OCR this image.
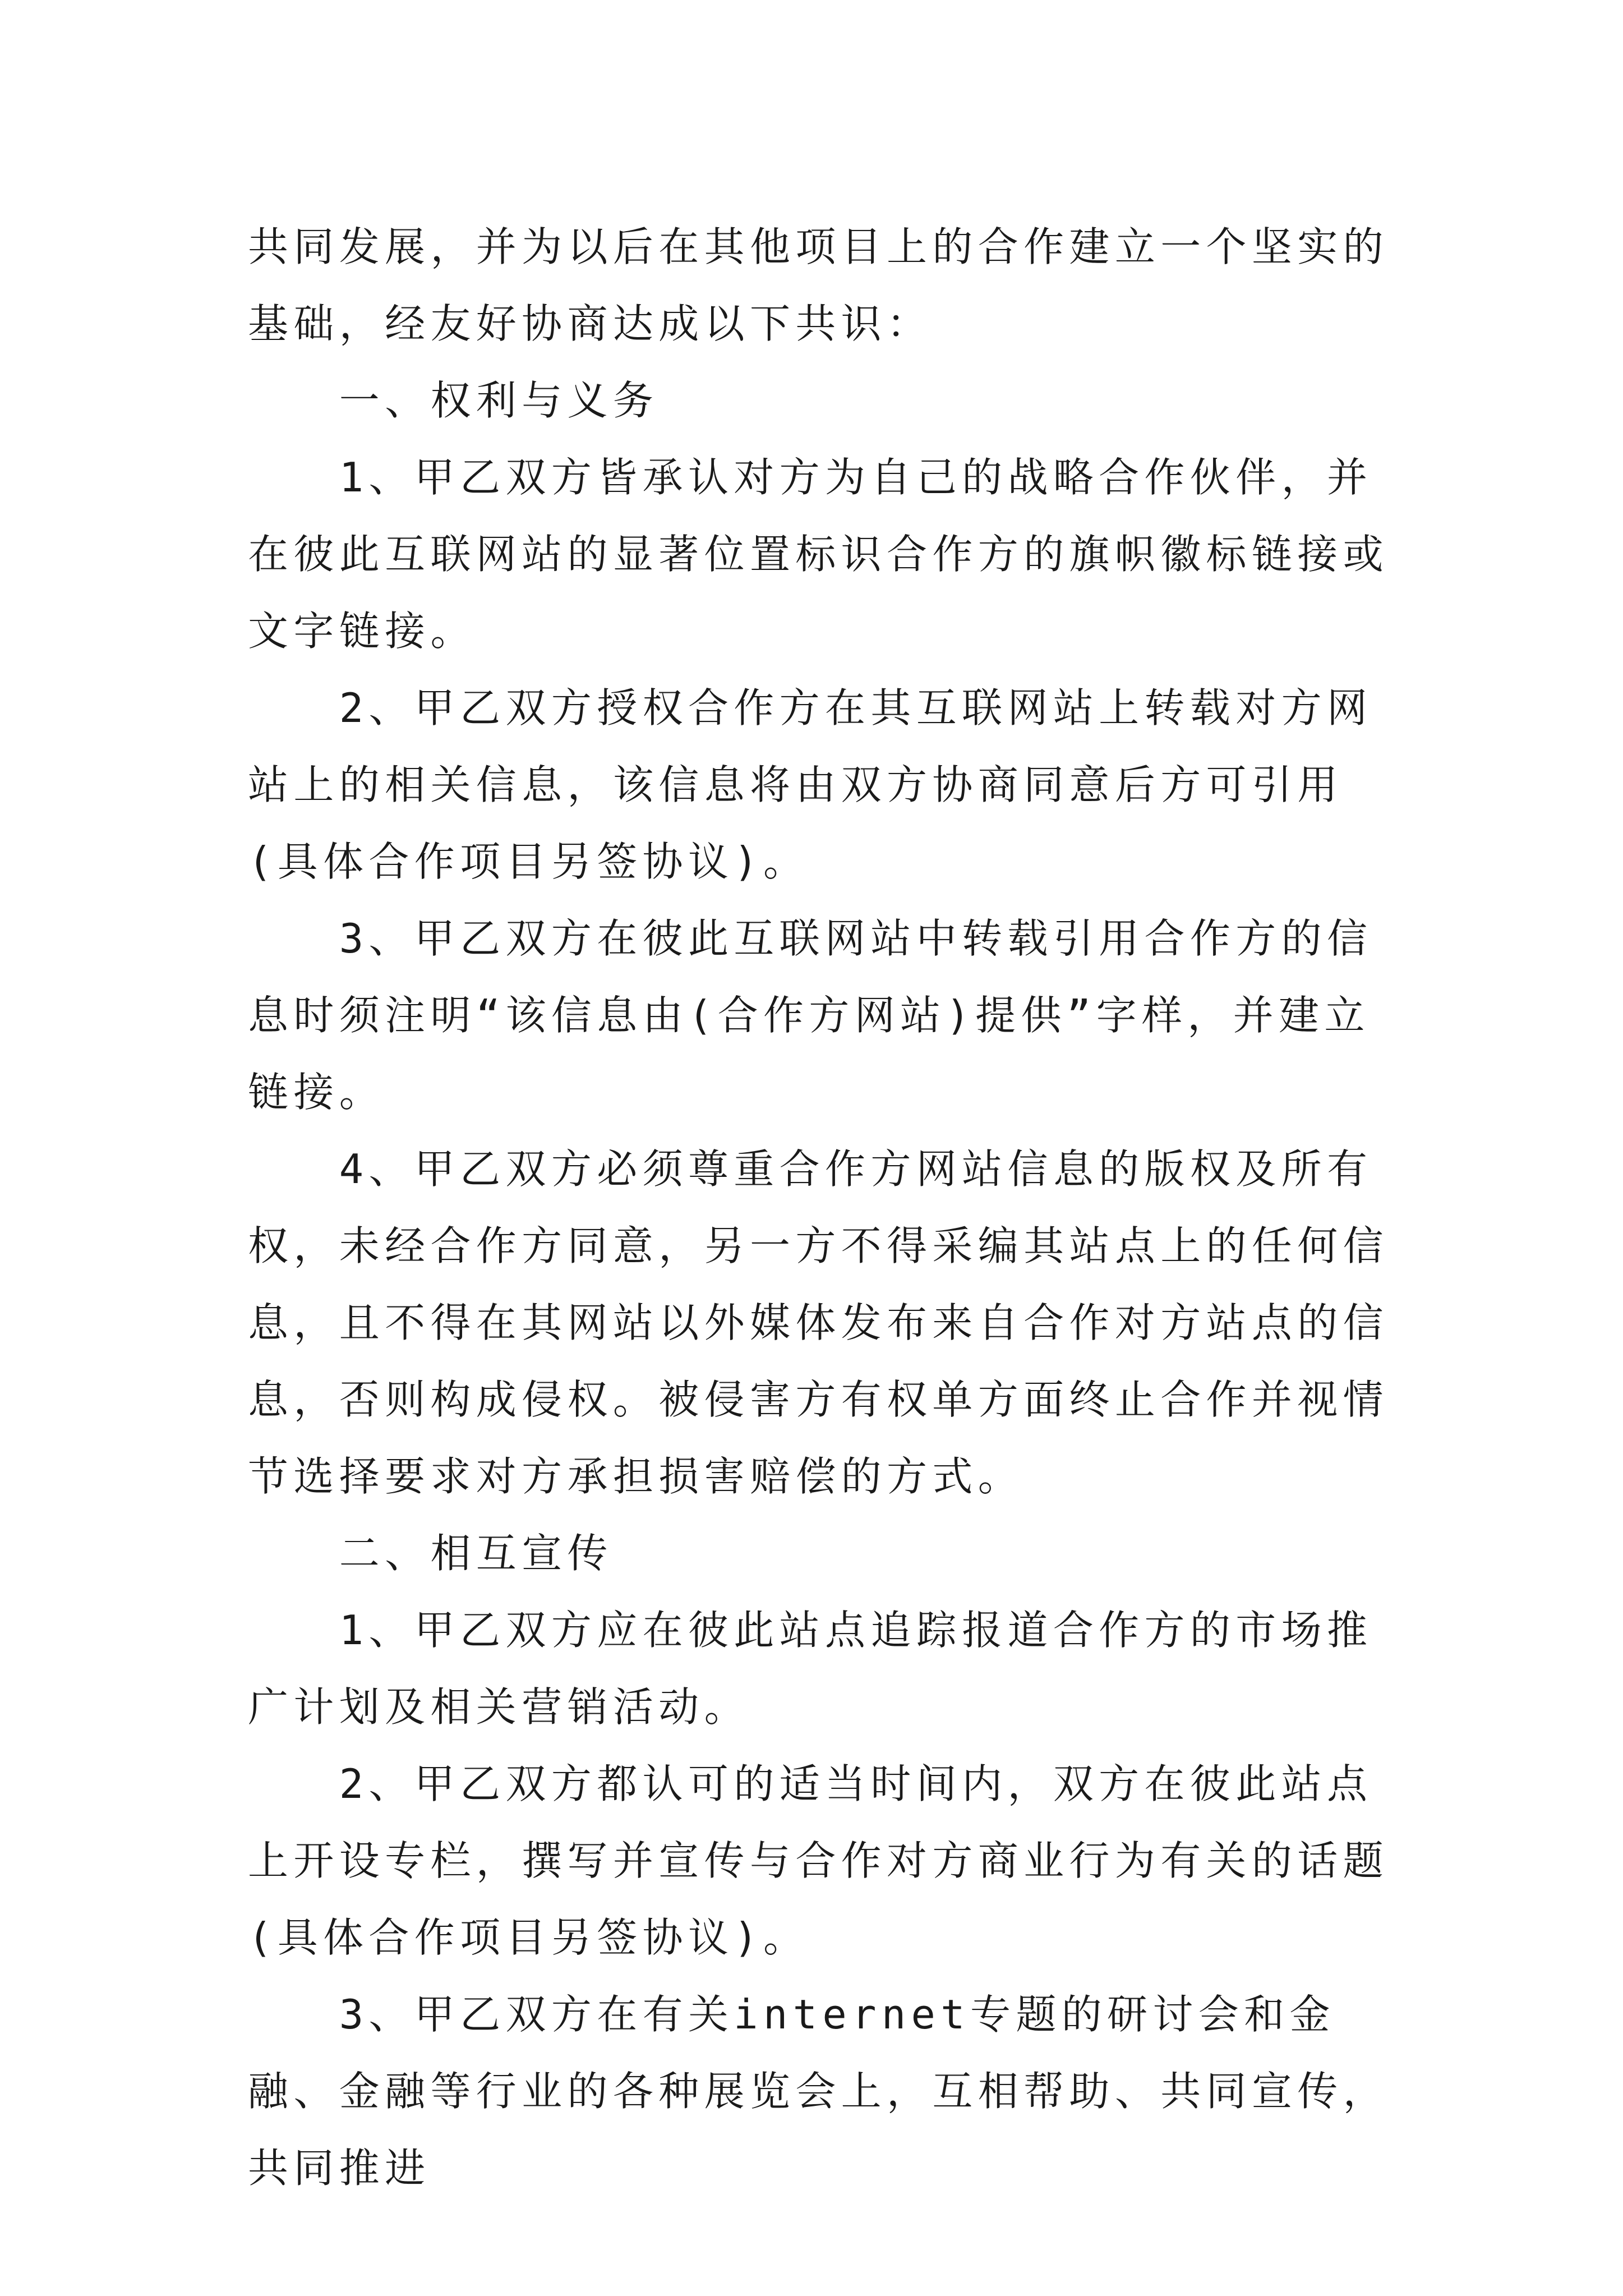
共同发展，并为以后在其他项目上的合作建立一个坚实的基础，经友好协商达成以下共识：

一、权利与义务

1、甲乙双方皆承认对方为自己的战略合作伙伴，并在彼此互联网站的显著位置标识合作方的旗帜徽标链接或文字链接。

2、甲乙双方授权合作方在其互联网站上转载对方网站上的相关信息，该信息将由双方协商同意后方可引用(具体合作项目另签协议)。

3、甲乙双方在彼此互联网站中转载引用合作方的信息时须注明“该信息由(合作方网站)提供”字样，并建立链接。

4、甲乙双方必须尊重合作方网站信息的版权及所有权，未经合作方同意，另一方不得采编其站点上的任何信息，且不得在其网站以外媒体发布来自合作对方站点的信息，否则构成侵权。被侵害方有权单方面终止合作并视情节选择要求对方承担损害赔偿的方式。

二、相互宣传

1、甲乙双方应在彼此站点追踪报道合作方的市场推广计划及相关营销活动。

2、甲乙双方都认可的适当时间内，双方在彼此站点上开设专栏，撰写并宣传与合作对方商业行为有关的话题(具体合作项目另签协议)。

3、甲乙双方在有关internet专题的研讨会和金融、金融等行业的各种展览会上，互相帮助、共同宣传，共同推进
